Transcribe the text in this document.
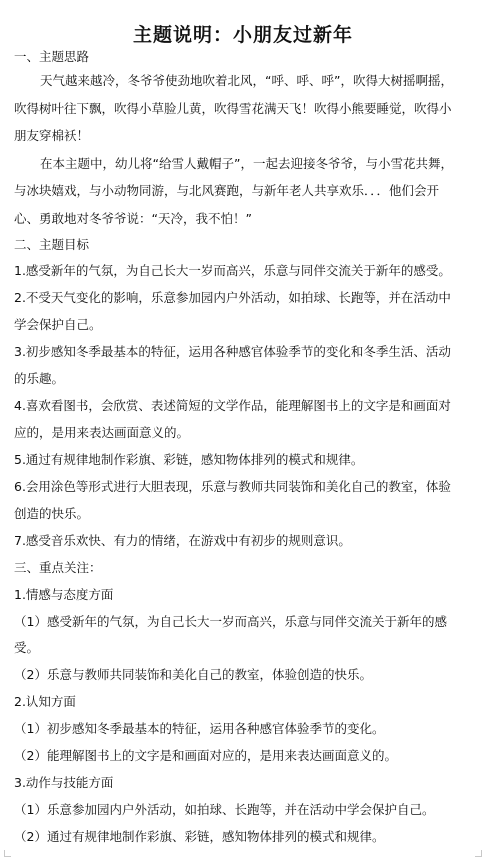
主题说明：小朋友过新年
一、主题思路
天气越来越冷，冬爷爷使劲地吹着北风，“呼、呼、呼”，吹得大树摇啊摇，
吹得树叶往下飘，吹得小草脸儿黄，吹得雪花满天飞！吹得小熊要睡觉，吹得小
朋友穿棉袄！
在本主题中，幼儿将“给雪人戴帽子”，一起去迎接冬爷爷，与小雪花共舞，
与冰块嬉戏，与小动物同游，与北风赛跑，与新年老人共享欢乐．．．他们会开
心、勇敢地对冬爷爷说：“天冷，我不怕！”
二、主题目标
1.感受新年的气氛，为自己长大一岁而高兴，乐意与同伴交流关于新年的感受。
2.不受天气变化的影响，乐意参加园内户外活动，如拍球、长跑等，并在活动中
学会保护自己。
3.初步感知冬季最基本的特征，运用各种感官体验季节的变化和冬季生活、活动
的乐趣。
4.喜欢看图书，会欣赏、表述简短的文学作品，能理解图书上的文字是和画面对
应的，是用来表达画面意义的。
5.通过有规律地制作彩旗、彩链，感知物体排列的模式和规律。
6.会用涂色等形式进行大胆表现，乐意与教师共同装饰和美化自己的教室，体验
创造的快乐。
7.感受音乐欢快、有力的情绪，在游戏中有初步的规则意识。
三、重点关注：
1.情感与态度方面
（1）感受新年的气氛，为自己长大一岁而高兴，乐意与同伴交流关于新年的感
受。
（2）乐意与教师共同装饰和美化自己的教室，体验创造的快乐。
2.认知方面
（1）初步感知冬季最基本的特征，运用各种感官体验季节的变化。
（2）能理解图书上的文字是和画面对应的，是用来表达画面意义的。
3.动作与技能方面
（1）乐意参加园内户外活动，如拍球、长跑等，并在活动中学会保护自己。
（2）通过有规律地制作彩旗、彩链，感知物体排列的模式和规律。
